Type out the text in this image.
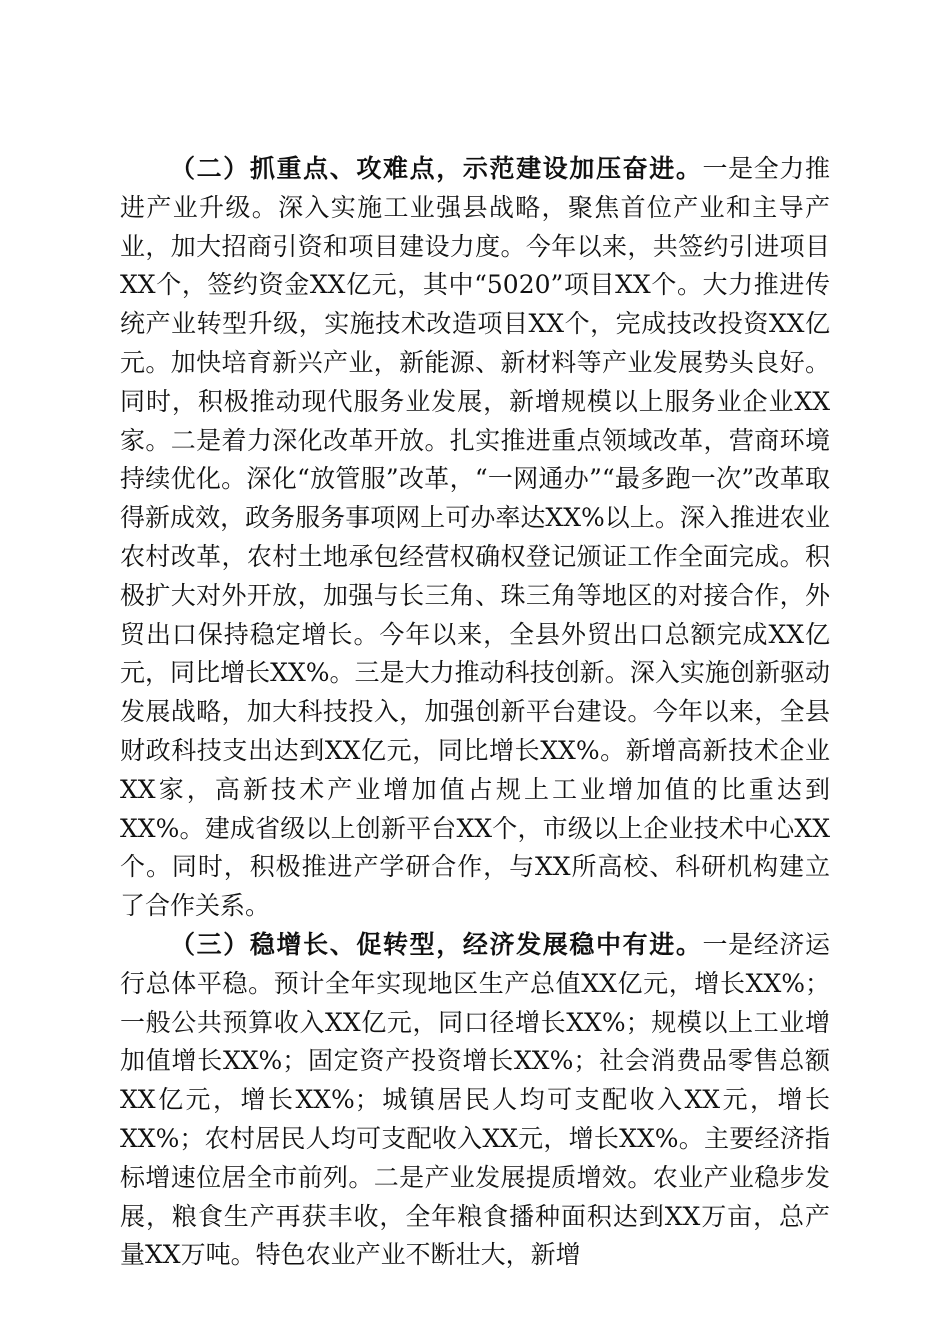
（二）抓重点、攻难点，示范建设加压奋进。一是全力推进产业升级。深入实施工业强县战略，聚焦首位产业和主导产业，加大招商引资和项目建设力度。今年以来，共签约引进项目XX个，签约资金XX亿元，其中“5020”项目XX个。大力推进传统产业转型升级，实施技术改造项目XX个，完成技改投资XX亿元。加快培育新兴产业，新能源、新材料等产业发展势头良好。同时，积极推动现代服务业发展，新增规模以上服务业企业XX家。二是着力深化改革开放。扎实推进重点领域改革，营商环境持续优化。深化“放管服”改革，“一网通办”“最多跑一次”改革取得新成效，政务服务事项网上可办率达XX%以上。深入推进农业农村改革，农村土地承包经营权确权登记颁证工作全面完成。积极扩大对外开放，加强与长三角、珠三角等地区的对接合作，外贸出口保持稳定增长。今年以来，全县外贸出口总额完成XX亿元，同比增长XX%。三是大力推动科技创新。深入实施创新驱动发展战略，加大科技投入，加强创新平台建设。今年以来，全县财政科技支出达到XX亿元，同比增长XX%。新增高新技术企业XX家，高新技术产业增加值占规上工业增加值的比重达到XX%。建成省级以上创新平台XX个，市级以上企业技术中心XX个。同时，积极推进产学研合作，与XX所高校、科研机构建立了合作关系。

（三）稳增长、促转型，经济发展稳中有进。一是经济运行总体平稳。预计全年实现地区生产总值XX亿元，增长XX%；一般公共预算收入XX亿元，同口径增长XX%；规模以上工业增加值增长XX%；固定资产投资增长XX%；社会消费品零售总额XX亿元，增长XX%；城镇居民人均可支配收入XX元，增长XX%；农村居民人均可支配收入XX元，增长XX%。主要经济指标增速位居全市前列。二是产业发展提质增效。农业产业稳步发展，粮食生产再获丰收，全年粮食播种面积达到XX万亩，总产量XX万吨。特色农业产业不断壮大，新增
